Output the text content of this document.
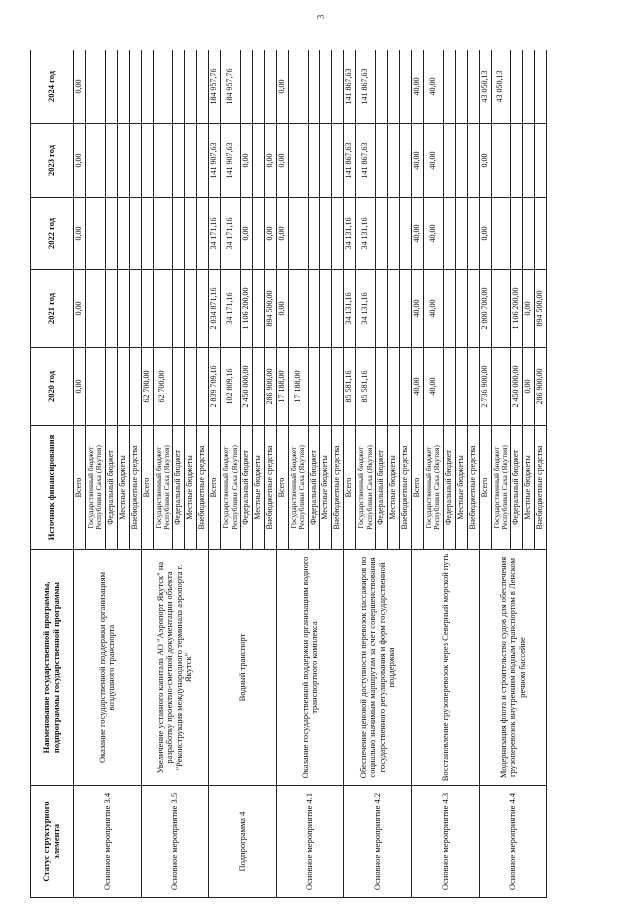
3
Статус структурного элемента	Наименование государственной программы, подпрограммы государственной программы	Источник финансирования	2020 год	2021 год	2022 год	2023 год	2024 год
Основное мероприятие 3.4	Оказание государственной поддержки организациям воздушного транспорта	Всего	0,00	0,00	0,00	0,00	0,00
		Государственный бюджет Республики Саха (Якутия)					
		Федеральный бюджет					
		Местные бюджеты					
		Внебюджетные средства					
Основное мероприятие 3.5	Увеличение уставного капитала АО "Аэропорт Якутск" на разработку проектно-сметной документации объекта "Реконструкция международного терминала аэропорта г. Якутск"	Всего	62 700,00				
		Государственный бюджет Республики Саха (Якутия)	62 700,00				
		Федеральный бюджет					
		Местные бюджеты					
		Внебюджетные средства					
Подпрограмма 4	Водный транспорт	Всего	2 839 709,16	2 034 871,16	34 171,16	141 907,63	184 957,76
		Государственный бюджет Республики Саха (Якутия)	102 809,16	34 171,16	34 171,16	141 907,63	184 957,76
		Федеральный бюджет	2 450 000,00	1 106 200,00	0,00	0,00	
		Местные бюджеты					
		Внебюджетные средства	286 900,00	894 500,00	0,00	0,00	
Основное мероприятие 4.1	Оказание государственной поддержки организациям водного транспортного комплекса	Всего	17 188,00	0,00	0,00	0,00	0,00
		Государственный бюджет Республики Саха (Якутия)	17 188,00				
		Федеральный бюджет					
		Местные бюджеты					
		Внебюджетные средства					
Основное мероприятие 4.2	Обеспечение ценовой доступности перевозок пассажиров по социально значимым маршрутам за счет совершенствования государственного регулирования и форм государственной поддержки	Всего	85 581,16	34 131,16	34 131,16	141 867,63	141 867,63
		Государственный бюджет Республики Саха (Якутия)	85 581,16	34 131,16	34 131,16	141 867,63	141 867,63
		Федеральный бюджет					
		Местные бюджеты					
		Внебюджетные средства					
Основное мероприятие 4.3	Восстановление грузоперевозок через Северный морской путь	Всего	40,00	40,00	40,00	40,00	40,00
		Государственный бюджет Республики Саха (Якутия)	40,00	40,00	40,00	40,00	40,00
		Федеральный бюджет					
		Местные бюджеты					
		Внебюджетные средства					
Основное мероприятие 4.4	Модернизация флота и строительство судов для обеспечения грузоперевозок внутренним водным транспортом в Ленском речном бассейне	Всего	2 736 900,00	2 000 700,00	0,00	0,00	43 050,13
		Государственный бюджет Республики Саха (Якутия)					43 050,13
		Федеральный бюджет	2 450 000,00	1 106 200,00			
		Местные бюджеты	0,00	0,00			
		Внебюджетные средства	286 900,00	894 500,00			
